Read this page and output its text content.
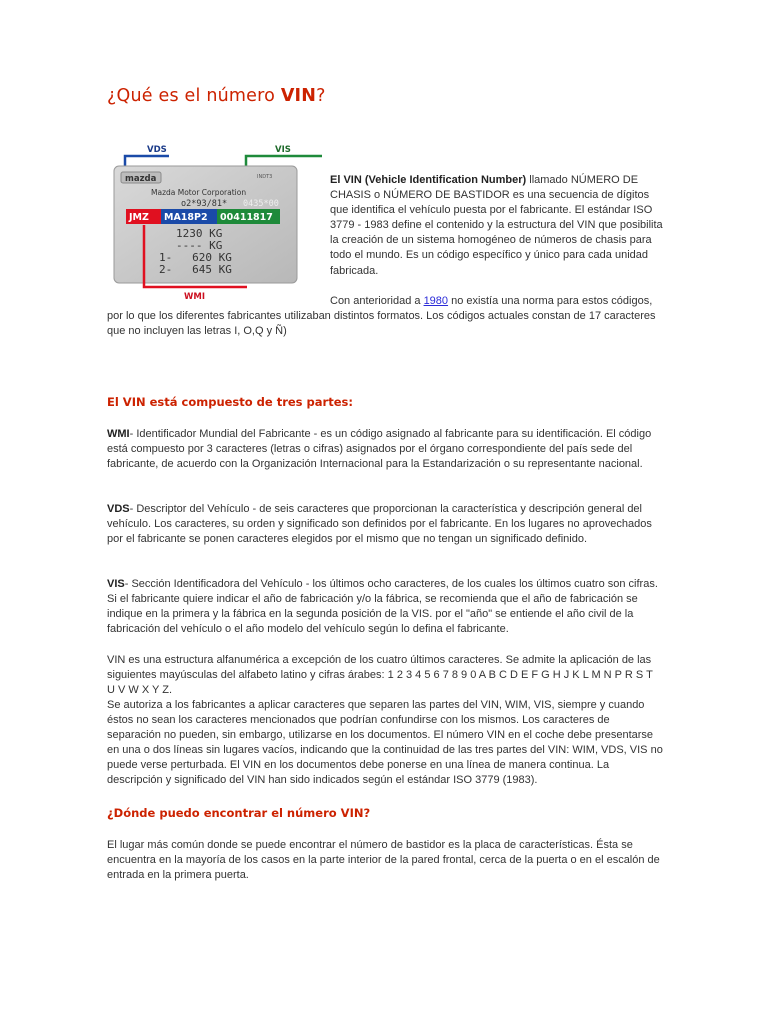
¿Qué es el número VIN?
VDS	VIS
mazda	INDT3
Mazda Motor Corporation
o2*93/81* 0435*00
JMZ MA18P2 00411817
1230 KG
---- KG
1-   620 KG
2-   645 KG
WMI

El VIN (Vehicle Identification Number) llamado NÚMERO DE CHASIS o NÚMERO DE BASTIDOR es una secuencia de dígitos que identifica el vehículo puesta por el fabricante. El estándar ISO 3779 - 1983 define el contenido y la estructura del VIN que posibilita la creación de un sistema homogéneo de números de chasis para todo el mundo. Es un código específico y único para cada unidad fabricada.

Con anterioridad a 1980 no existía una norma para estos códigos,

por lo que los diferentes fabricantes utilizaban distintos formatos. Los códigos actuales constan de 17 caracteres que no incluyen las letras I, O,Q y Ñ)

El VIN está compuesto de tres partes:

WMI- Identificador Mundial del Fabricante - es un código asignado al fabricante para su identificación. El código está compuesto por 3 caracteres (letras o cifras) asignados por el órgano correspondiente del país sede del fabricante, de acuerdo con la Organización Internacional para la Estandarización o su representante nacional.

VDS- Descriptor del Vehículo - de seis caracteres que proporcionan la característica y descripción general del vehículo. Los caracteres, su orden y significado son definidos por el fabricante. En los lugares no aprovechados por el fabricante se ponen caracteres elegidos por el mismo que no tengan un significado definido.

VIS- Sección Identificadora del Vehículo - los últimos ocho caracteres, de los cuales los últimos cuatro son cifras. Si el fabricante quiere indicar el año de fabricación y/o la fábrica, se recomienda que el año de fabricación se indique en la primera y la fábrica en la segunda posición de la VIS. por el "año" se entiende el año civil de la fabricación del vehículo o el año modelo del vehículo según lo defina el fabricante.

VIN es una estructura alfanumérica a excepción de los cuatro últimos caracteres. Se admite la aplicación de las siguientes mayúsculas del alfabeto latino y cifras árabes: 1 2 3 4 5 6 7 8 9 0 A B C D E F G H J K L M N P R S T U V W X Y Z.

Se autoriza a los fabricantes a aplicar caracteres que separen las partes del VIN, WIM, VIS, siempre y cuando éstos no sean los caracteres mencionados que podrían confundirse con los mismos. Los caracteres de separación no pueden, sin embargo, utilizarse en los documentos. El número VIN en el coche debe presentarse en una o dos líneas sin lugares vacíos, indicando que la continuidad de las tres partes del VIN: WIM, VDS, VIS no puede verse perturbada. El VIN en los documentos debe ponerse en una línea de manera continua. La descripción y significado del VIN han sido indicados según el estándar ISO 3779 (1983).

¿Dónde puedo encontrar el número VIN?

El lugar más común donde se puede encontrar el número de bastidor es la placa de características. Ésta se encuentra en la mayoría de los casos en la parte interior de la pared frontal, cerca de la puerta o en el escalón de entrada en la primera puerta.
